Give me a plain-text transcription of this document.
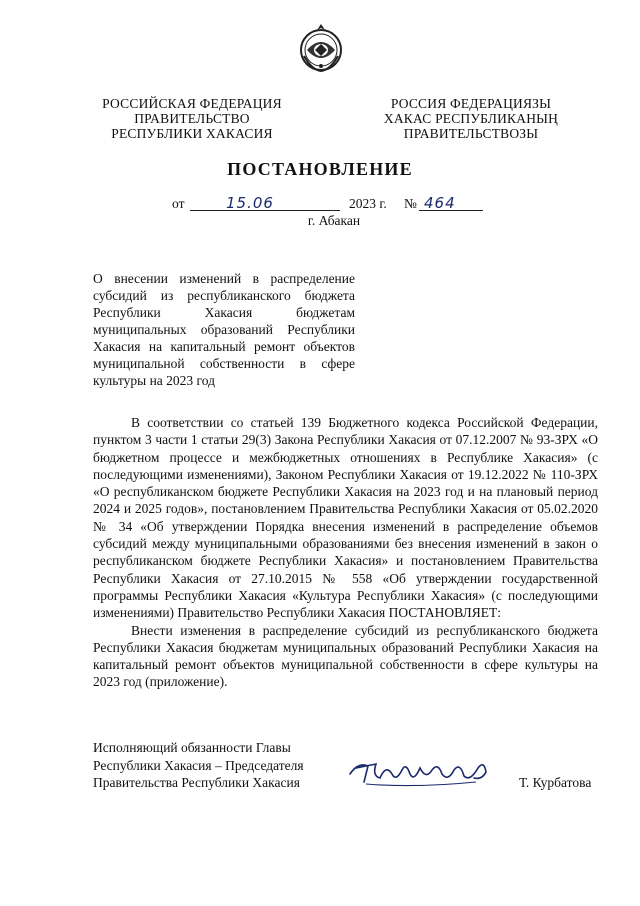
РОССИЙСКАЯ ФЕДЕРАЦИЯ
ПРАВИТЕЛЬСТВО
РЕСПУБЛИКИ ХАКАСИЯ
РОССИЯ ФЕДЕРАЦИЯЗЫ
ХАКАС РЕСПУБЛИКАНЫҢ
ПРАВИТЕЛЬСТВОЗЫ
ПОСТАНОВЛЕНИЕ
от	15.06	2023 г. № 464
г. Абакан
О внесении изменений в распределение
субсидий из республиканского бюджета
Республики Хакасия бюджетам
муниципальных образований Республики
Хакасия на капитальный ремонт объектов
муниципальной собственности в сфере
культуры на 2023 год

В соответствии со статьей 139 Бюджетного кодекса Российской Федерации, пунктом 3 части 1 статьи 29(3) Закона Республики Хакасия от 07.12.2007 № 93-ЗРХ «О бюджетном процессе и межбюджетных отношениях в Республике Хакасия» (с последующими изменениями), Законом Республики Хакасия от 19.12.2022 № 110-ЗРХ «О республиканском бюджете Республики Хакасия на 2023 год и на плановый период 2024 и 2025 годов», постановлением Правительства Республики Хакасия от 05.02.2020 № 34 «Об утверждении Порядка внесения изменений в распределение объемов субсидий между муниципальными образованиями без внесения изменений в закон о республиканском бюджете Республики Хакасия» и постановлением Правительства Республики Хакасия от 27.10.2015 № 558 «Об утверждении государственной программы Республики Хакасия «Культура Республики Хакасия» (с последующими изменениями) Правительство Республики Хакасия ПОСТАНОВЛЯЕТ:

Внести изменения в распределение субсидий из республиканского бюджета Республики Хакасия бюджетам муниципальных образований Республики Хакасия на капитальный ремонт объектов муниципальной собственности в сфере культуры на 2023 год (приложение).

Исполняющий обязанности Главы
Республики Хакасия – Председателя
Правительства Республики Хакасия	Т. Курбатова
